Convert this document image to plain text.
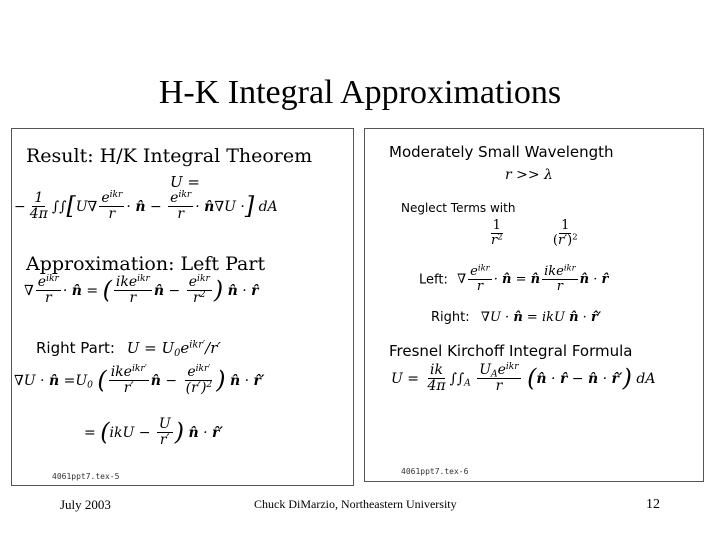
H-K Integral Approximations
Result: H/K Integral Theorem
U =
− $\frac{1}{4\pi} \int\int[U\nabla \frac{e^{ikr}}{r}$ · n̂ − $\frac{e^{ikr}}{r}$ · n̂∇U ·] dA
Approximation: Left Part
∇ $\frac{e^{ikr}}{r}$ · n̂ = ( $\frac{ike^{ikr}}{r}$ n̂ − $\frac{e^{ikr}}{r^2}$ ) n̂ · r̂
Right Part: $U = U_0e^{ikr'}/r'$
∇U · n̂ $=U_0$ ( $\frac{ike^{ikr'}}{r'}$ n̂ − $\frac{e^{ikr'}}{(r')^2}$ ) n̂ · r̂′
= ($ikU - \frac{U}{r'}$ ) n̂ · r̂′
4061ppt7.tex-5
Moderately Small Wavelength
r >> λ
Neglect Terms with
$\frac{1}{r^2}$
	$\frac{1}{(r')^2}$
Left: ∇ $\frac{e^{ikr}}{r}$ · n̂ = n̂ $\frac{ike^{ikr}}{r}$ n̂ · r̂
Right: ∇U · n̂ = ikU n̂ · r̂′
Fresnel Kirchoff Integral Formula
$U = \frac{ik}{4\pi} \int\int_A \frac{U_Ae^{ikr}}{r}$ (n̂ · r̂ − n̂ · r̂′) dA
4061ppt7.tex-6
July 2003	Chuck DiMarzio, Northeastern University	12
